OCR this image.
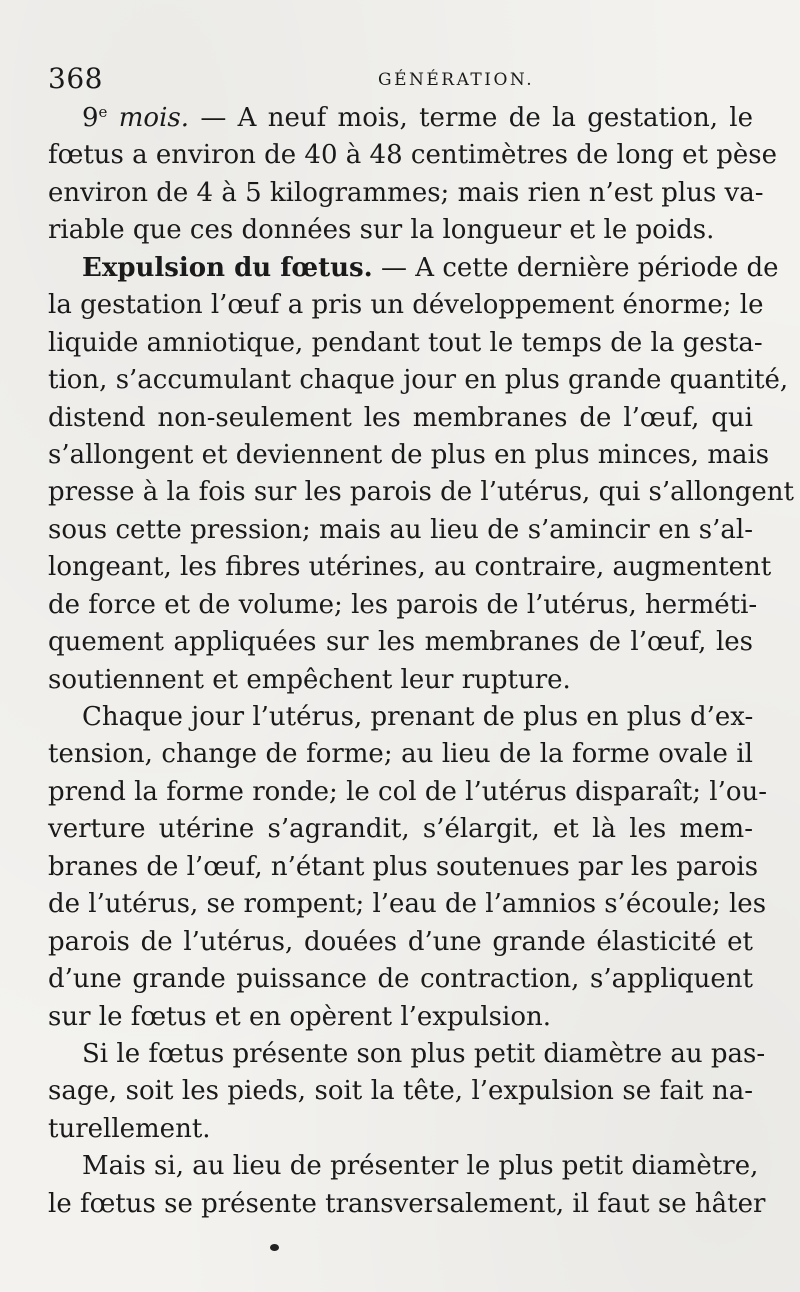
368	GÉNÉRATION.
9e mois. — A neuf mois, terme de la gestation, le
fœtus a environ de 40 à 48 centimètres de long et pèse
environ de 4 à 5 kilogrammes; mais rien n’est plus va-
riable que ces données sur la longueur et le poids.
Expulsion du fœtus. — A cette dernière période de
la gestation l’œuf a pris un développement énorme; le
liquide amniotique, pendant tout le temps de la gesta-
tion, s’accumulant chaque jour en plus grande quantité,
distend non-seulement les membranes de l’œuf, qui
s’allongent et deviennent de plus en plus minces, mais
presse à la fois sur les parois de l’utérus, qui s’allongent
sous cette pression; mais au lieu de s’amincir en s’al-
longeant, les fibres utérines, au contraire, augmentent
de force et de volume; les parois de l’utérus, herméti-
quement appliquées sur les membranes de l’œuf, les
soutiennent et empêchent leur rupture.
Chaque jour l’utérus, prenant de plus en plus d’ex-
tension, change de forme; au lieu de la forme ovale il
prend la forme ronde; le col de l’utérus disparaît; l’ou-
verture utérine s’agrandit, s’élargit, et là les mem-
branes de l’œuf, n’étant plus soutenues par les parois
de l’utérus, se rompent; l’eau de l’amnios s’écoule; les
parois de l’utérus, douées d’une grande élasticité et
d’une grande puissance de contraction, s’appliquent
sur le fœtus et en opèrent l’expulsion.
Si le fœtus présente son plus petit diamètre au pas-
sage, soit les pieds, soit la tête, l’expulsion se fait na-
turellement.
Mais si, au lieu de présenter le plus petit diamètre,
le fœtus se présente transversalement, il faut se hâter
